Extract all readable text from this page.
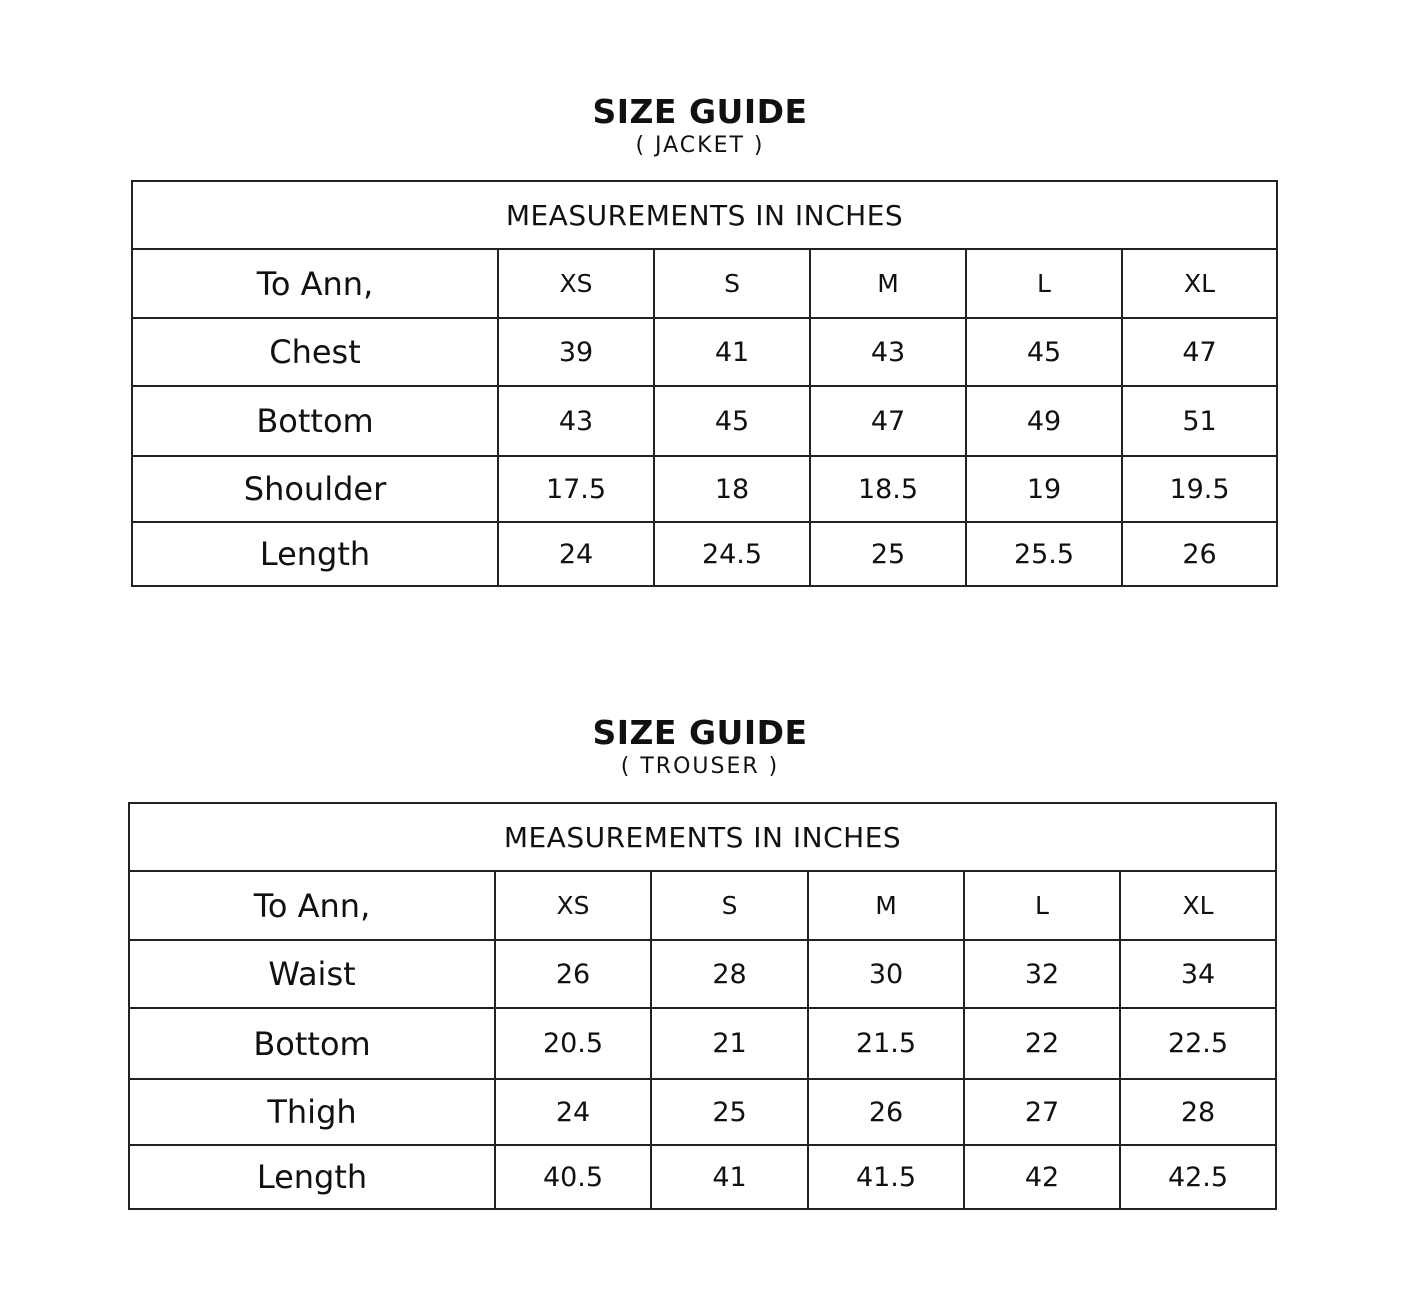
SIZE GUIDE
( JACKET )
MEASUREMENTS IN INCHES					
To Ann,	XS	S	M	L	XL
Chest	39	41	43	45	47
Bottom	43	45	47	49	51
Shoulder	17.5	18	18.5	19	19.5
Length	24	24.5	25	25.5	26
SIZE GUIDE
( TROUSER )
MEASUREMENTS IN INCHES					
To Ann,	XS	S	M	L	XL
Waist	26	28	30	32	34
Bottom	20.5	21	21.5	22	22.5
Thigh	24	25	26	27	28
Length	40.5	41	41.5	42	42.5
